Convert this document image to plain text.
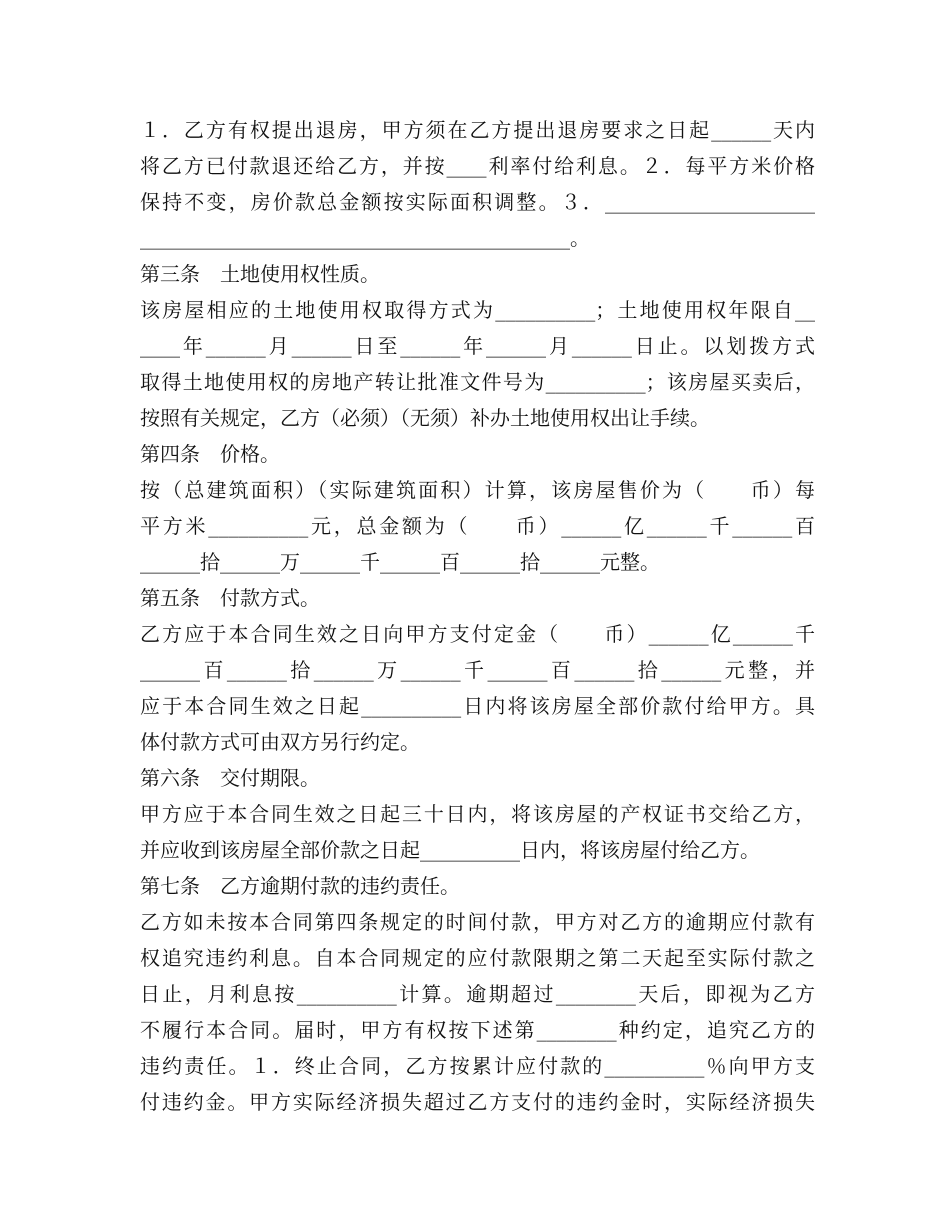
１．乙方有权提出退房，甲方须在乙方提出退房要求之日起______天内
将乙方已付款退还给乙方，并按____利率付给利息。２．每平方米价格
保持不变，房价款总金额按实际面积调整。３．_____________________
___________________________________________。
第三条　土地使用权性质。
该房屋相应的土地使用权取得方式为__________；土地使用权年限自__
____年______月______日至______年______月______日止。以划拨方式
取得土地使用权的房地产转让批准文件号为__________；该房屋买卖后，
按照有关规定，乙方（必须）（无须）补办土地使用权出让手续。
第四条　价格。
按（总建筑面积）（实际建筑面积）计算，该房屋售价为（　　币）每
平方米__________元，总金额为（　　币）______亿______千______百
______拾______万______千______百______拾______元整。
第五条　付款方式。
乙方应于本合同生效之日向甲方支付定金（　　币）______亿______千
______百______拾______万______千______百______拾______元整，并
应于本合同生效之日起__________日内将该房屋全部价款付给甲方。具
体付款方式可由双方另行约定。
第六条　交付期限。
甲方应于本合同生效之日起三十日内，将该房屋的产权证书交给乙方，
并应收到该房屋全部价款之日起__________日内，将该房屋付给乙方。
第七条　乙方逾期付款的违约责任。
乙方如未按本合同第四条规定的时间付款，甲方对乙方的逾期应付款有
权追究违约利息。自本合同规定的应付款限期之第二天起至实际付款之
日止，月利息按__________计算。逾期超过________天后，即视为乙方
不履行本合同。届时，甲方有权按下述第________种约定，追究乙方的
违约责任。１．终止合同，乙方按累计应付款的__________％向甲方支
付违约金。甲方实际经济损失超过乙方支付的违约金时，实际经济损失
